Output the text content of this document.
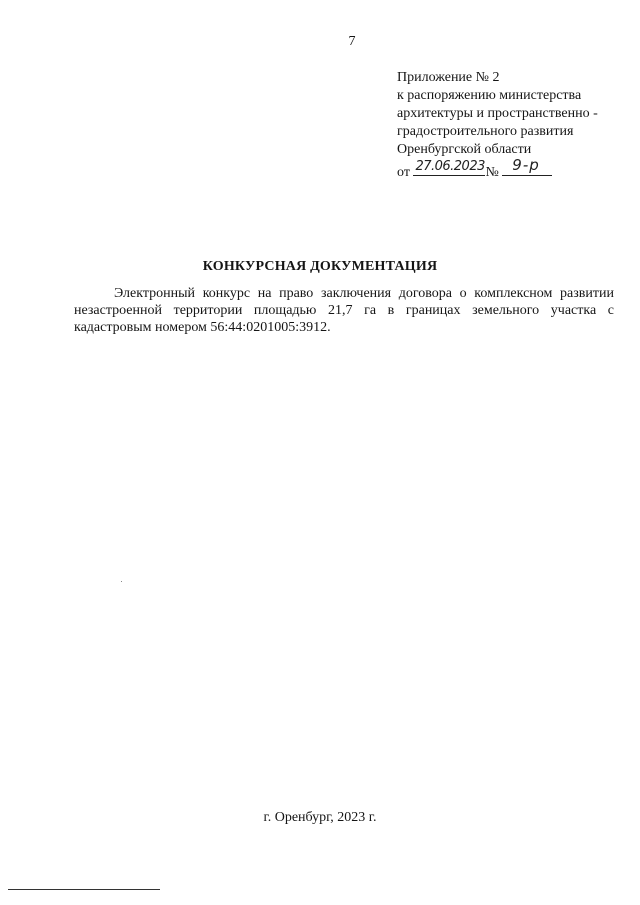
7
Приложение № 2
к распоряжению министерства
архитектуры и пространственно -
градостроительного развития
Оренбургской области
от 27.06.2023 № 9-р
КОНКУРСНАЯ ДОКУМЕНТАЦИЯ
Электронный конкурс на право заключения договора о комплексном развитии незастроенной территории площадью 21,7 га в границах земельного участка с кадастровым номером 56:44:0201005:3912.
г. Оренбург, 2023 г.
